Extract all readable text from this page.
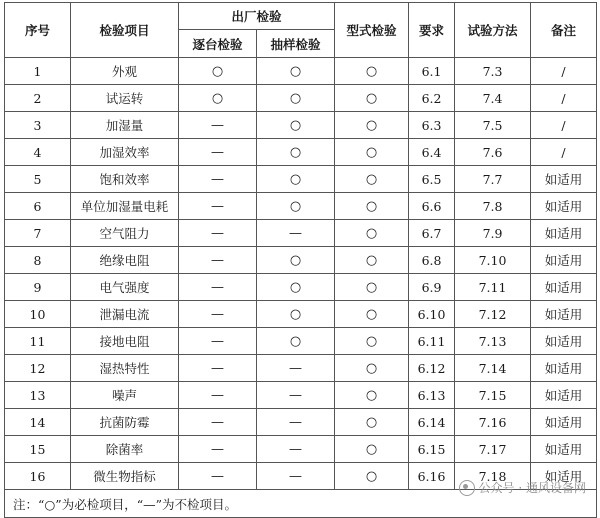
序号	检验项目	出厂检验		型式检验	要求	试验方法	备注
		逐台检验	抽样检验				
1	外观	○	○	○	6.1	7.3	/
2	试运转	○	○	○	6.2	7.4	/
3	加湿量	—	○	○	6.3	7.5	/
4	加湿效率	—	○	○	6.4	7.6	/
5	饱和效率	—	○	○	6.5	7.7	如适用
6	单位加湿量电耗	—	○	○	6.6	7.8	如适用
7	空气阻力	—	—	○	6.7	7.9	如适用
8	绝缘电阻	—	○	○	6.8	7.10	如适用
9	电气强度	—	○	○	6.9	7.11	如适用
10	泄漏电流	—	○	○	6.10	7.12	如适用
11	接地电阻	—	○	○	6.11	7.13	如适用
12	湿热特性	—	—	○	6.12	7.14	如适用
13	噪声	—	—	○	6.13	7.15	如适用
14	抗菌防霉	—	—	○	6.14	7.16	如适用
15	除菌率	—	—	○	6.15	7.17	如适用
16	微生物指标	—	—	○	6.16	7.18	如适用
注：“○”为必检项目，“—”为不检项目。							
公众号 · 通风设备网
